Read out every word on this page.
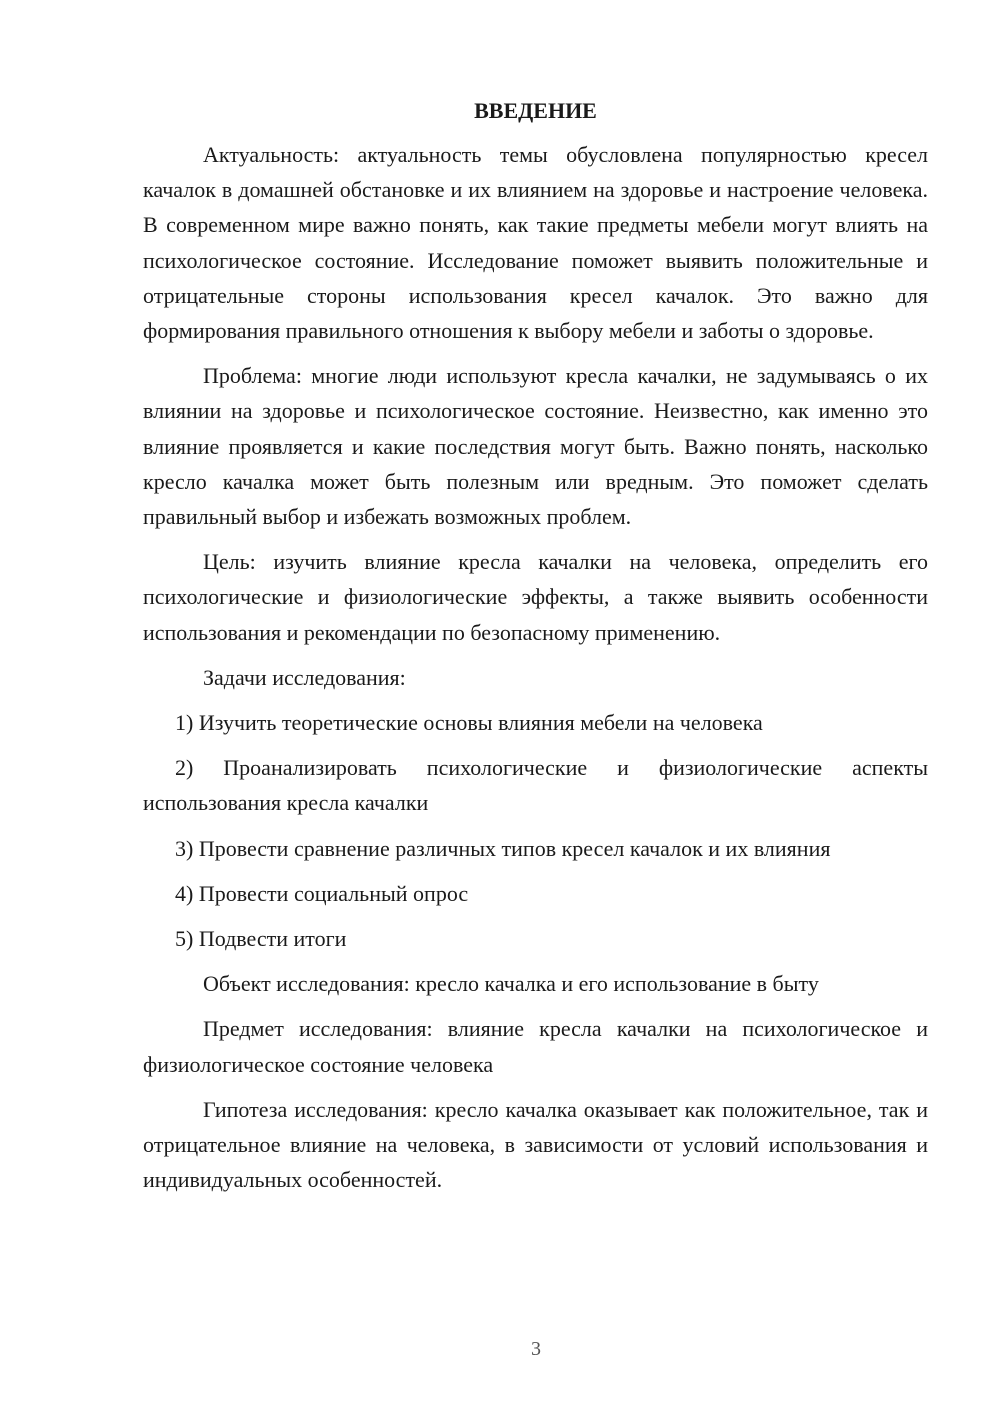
ВВЕДЕНИЕ

Актуальность: актуальность темы обусловлена популярностью кресел качалок в домашней обстановке и их влиянием на здоровье и настроение человека. В современном мире важно понять, как такие предметы мебели могут влиять на психологическое состояние. Исследование поможет выявить положительные и отрицательные стороны использования кресел качалок. Это важно для формирования правильного отношения к выбору мебели и заботы о здоровье.

Проблема: многие люди используют кресла качалки, не задумываясь о их влиянии на здоровье и психологическое состояние. Неизвестно, как именно это влияние проявляется и какие последствия могут быть. Важно понять, насколько кресло качалка может быть полезным или вредным. Это поможет сделать правильный выбор и избежать возможных проблем.

Цель: изучить влияние кресла качалки на человека, определить его психологические и физиологические эффекты, а также выявить особенности использования и рекомендации по безопасному применению.

Задачи исследования:

1) Изучить теоретические основы влияния мебели на человека

2) Проанализировать психологические и физиологические аспекты использования кресла качалки

3) Провести сравнение различных типов кресел качалок и их влияния

4) Провести социальный опрос

5) Подвести итоги

Объект исследования: кресло качалка и его использование в быту

Предмет исследования: влияние кресла качалки на психологическое и физиологическое состояние человека

Гипотеза исследования: кресло качалка оказывает как положительное, так и отрицательное влияние на человека, в зависимости от условий использования и индивидуальных особенностей.

3
